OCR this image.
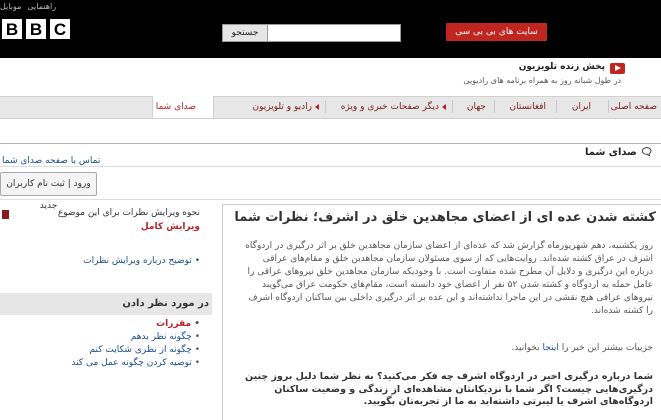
راهنمایی
موبایل
B B C	جستجو	سایت های بی بی سی
پخش زنده تلویزیون
در طول شبانه روز به همراه برنامه های رادیویی
صفحه اصلی
ایران
افغانستان
جهان
دیگر صفحات خبری و ویژه
رادیو و تلویزیون
صدای شما
🗨 صدای شما
تماس با صفحه صدای شما
ورود | ثبت نام کاربران جدید
کشته شدن عده ای از اعضای مجاهدین خلق در اشرف؛ نظرات شما
روز یکشنبه، دهم شهریورماه گزارش شد که عده‌ای از اعضای سازمان مجاهدین خلق بر اثر درگیری در اردوگاه اشرف در عراق کشته شده‌اند. روایت‌هایی که از سوی مسئولان سازمان مجاهدین خلق و مقام‌های عراقی درباره این درگیری و دلایل آن مطرح شده متفاوت است. با وجودیکه سازمان مجاهدین خلق نیروهای عراقی را عامل حمله به اردوگاه و کشته شدن ۵۲ نفر از اعضای خود دانسته است، مقام‌های حکومت عراق می‌گویند نیروهای عراقی هیچ نقشی در این ماجرا نداشته‌اند و این عده بر اثر درگیری داخلی بین ساکنان اردوگاه اشرف را کشته شده‌اند.
جزییات بیشتر این خبر را اینجا بخوانید.
شما درباره درگیری اخیر در اردوگاه اشرف چه فکر می‌کنید؟ به نظر شما دلیل بروز چنین درگیری‌هایی چیست؟ اگر شما با نزدیکانتان مشاهده‌ای از زندگی و وضعیت ساکنان اردوگاه‌های اشرف یا لیبرتی داشته‌اید به ما از تجربه‌تان بگویید.
نحوه ویرایش نظرات برای این موضوع
ویرایش کامل
• توضیح درباره ویرایش نظرات
در مورد نظر دادن
• مقررات
• چگونه نظر بدهم
• چگونه از نظری شکایت کنم
• توصیه کردن چگونه عمل می کند
